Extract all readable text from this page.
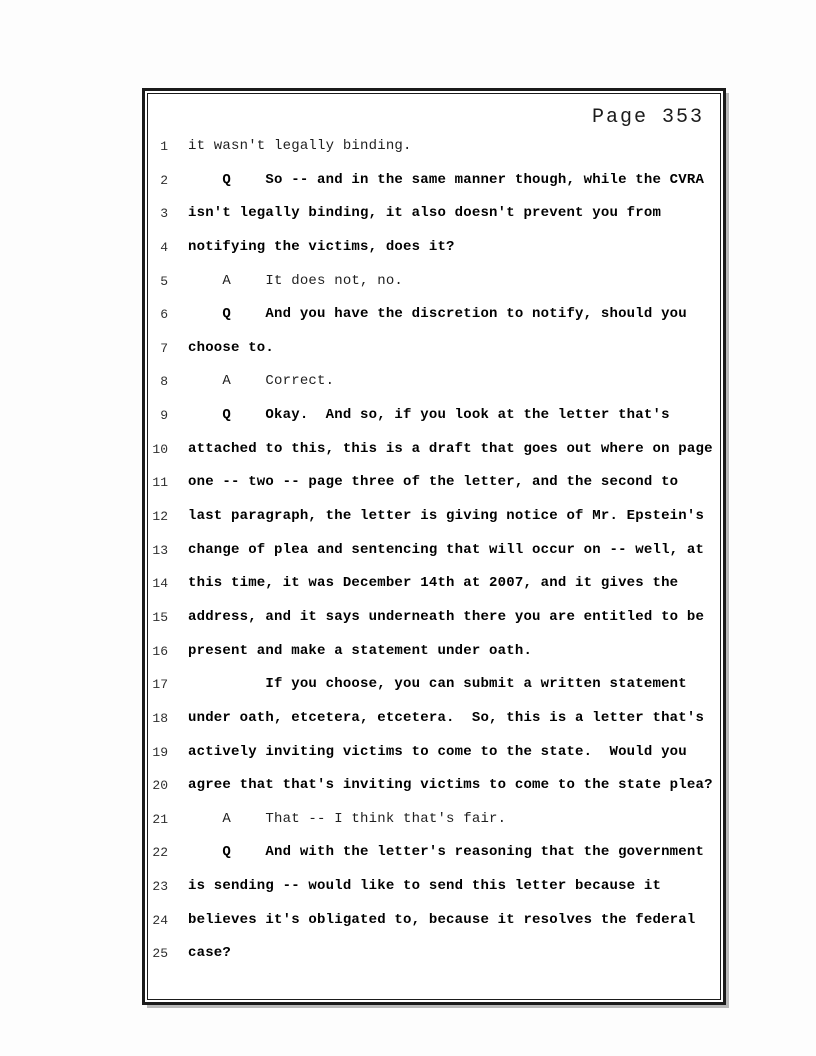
Page 353
1 it wasn't legally binding.
2 Q    So -- and in the same manner though, while the CVRA
3 isn't legally binding, it also doesn't prevent you from
4 notifying the victims, does it?
5 A    It does not, no.
6 Q    And you have the discretion to notify, should you
7 choose to.
8 A    Correct.
9 Q    Okay.  And so, if you look at the letter that's
10 attached to this, this is a draft that goes out where on page
11 one -- two -- page three of the letter, and the second to
12 last paragraph, the letter is giving notice of Mr. Epstein's
13 change of plea and sentencing that will occur on -- well, at
14 this time, it was December 14th at 2007, and it gives the
15 address, and it says underneath there you are entitled to be
16 present and make a statement under oath.
17 If you choose, you can submit a written statement
18 under oath, etcetera, etcetera.  So, this is a letter that's
19 actively inviting victims to come to the state.  Would you
20 agree that that's inviting victims to come to the state plea?
21 A    That -- I think that's fair.
22 Q    And with the letter's reasoning that the government
23 is sending -- would like to send this letter because it
24 believes it's obligated to, because it resolves the federal
25 case?
